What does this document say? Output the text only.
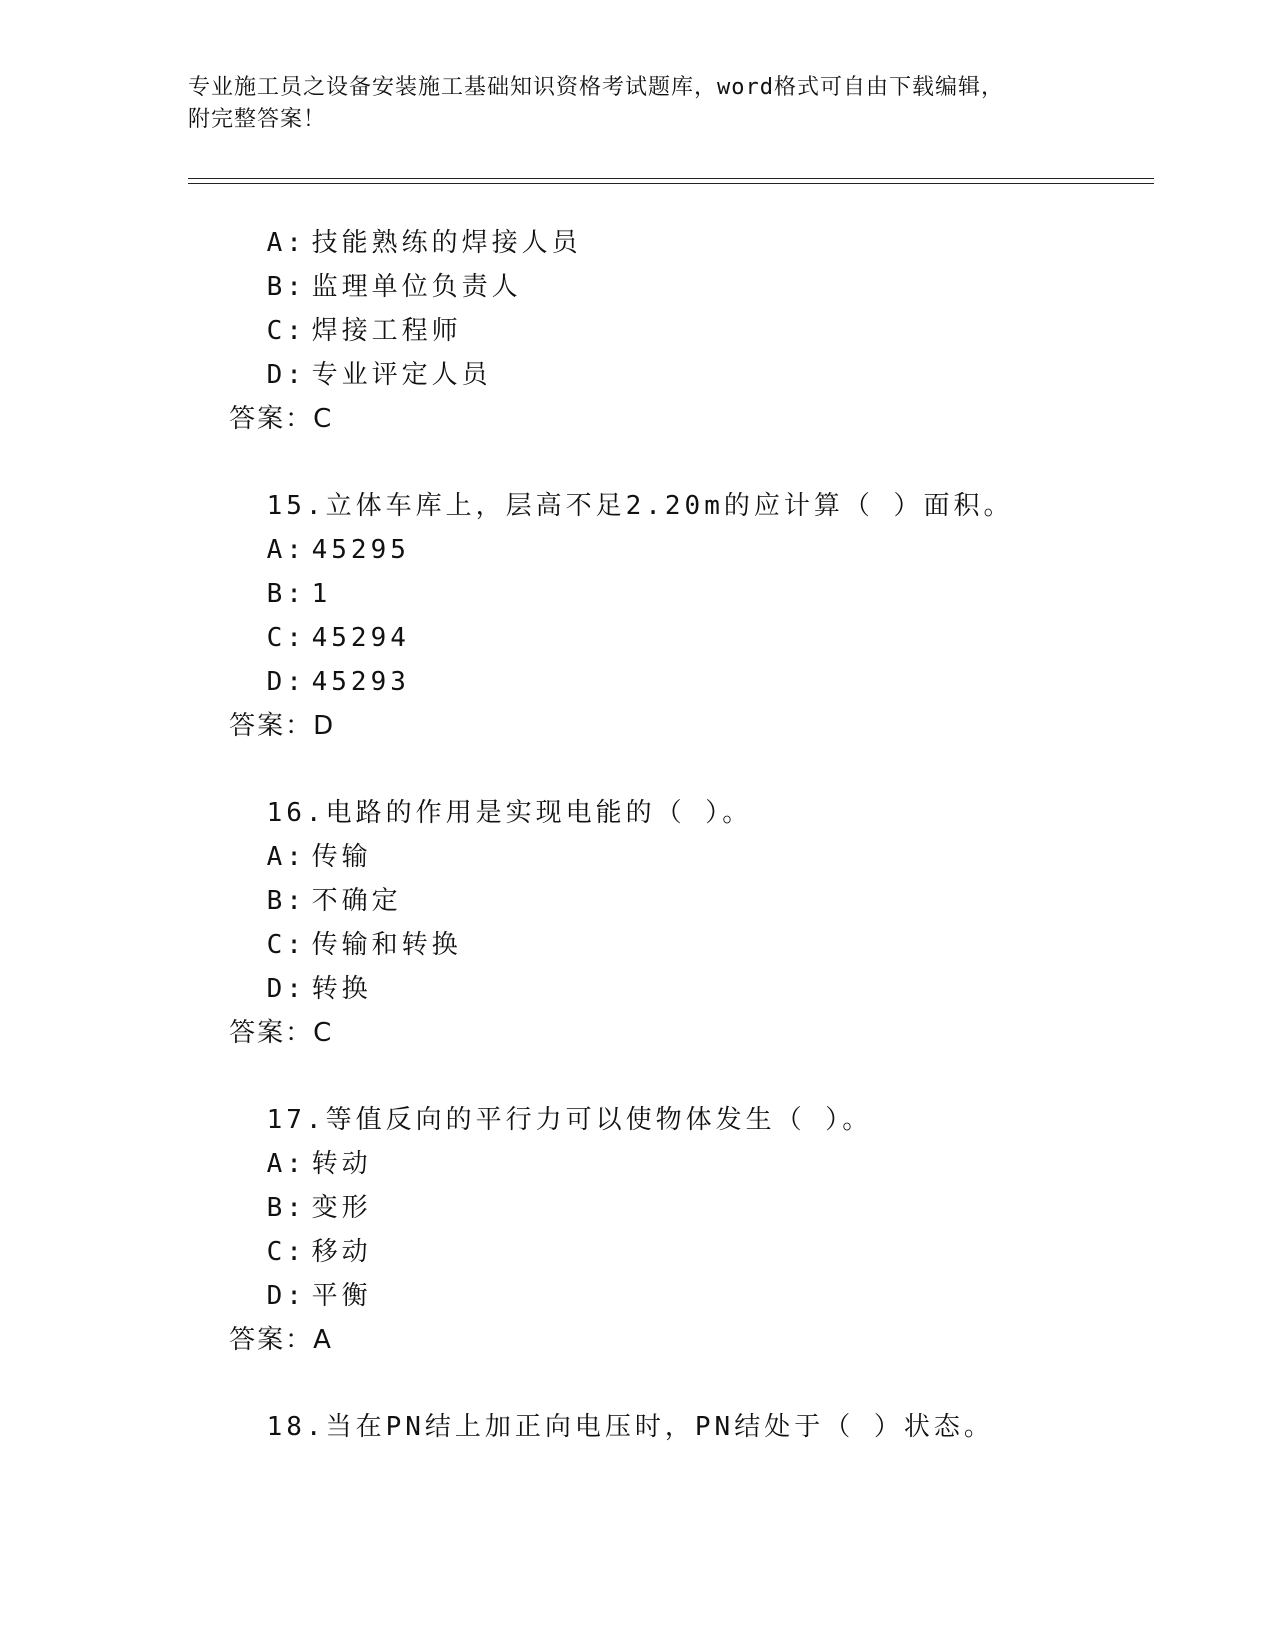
专业施工员之设备安装施工基础知识资格考试题库，word格式可自由下载编辑，
附完整答案！

A: 技能熟练的焊接人员

B: 监理单位负责人

C: 焊接工程师

D: 专业评定人员

答案：C

15.立体车库上，层高不足2.20m的应计算（ ）面积。

A: 45295

B: 1

C: 45294

D: 45293

答案：D

16.电路的作用是实现电能的（ ）。

A: 传输

B: 不确定

C: 传输和转换

D: 转换

答案：C

17.等值反向的平行力可以使物体发生（ ）。

A: 转动

B: 变形

C: 移动

D: 平衡

答案：A

18.当在PN结上加正向电压时，PN结处于（ ）状态。
